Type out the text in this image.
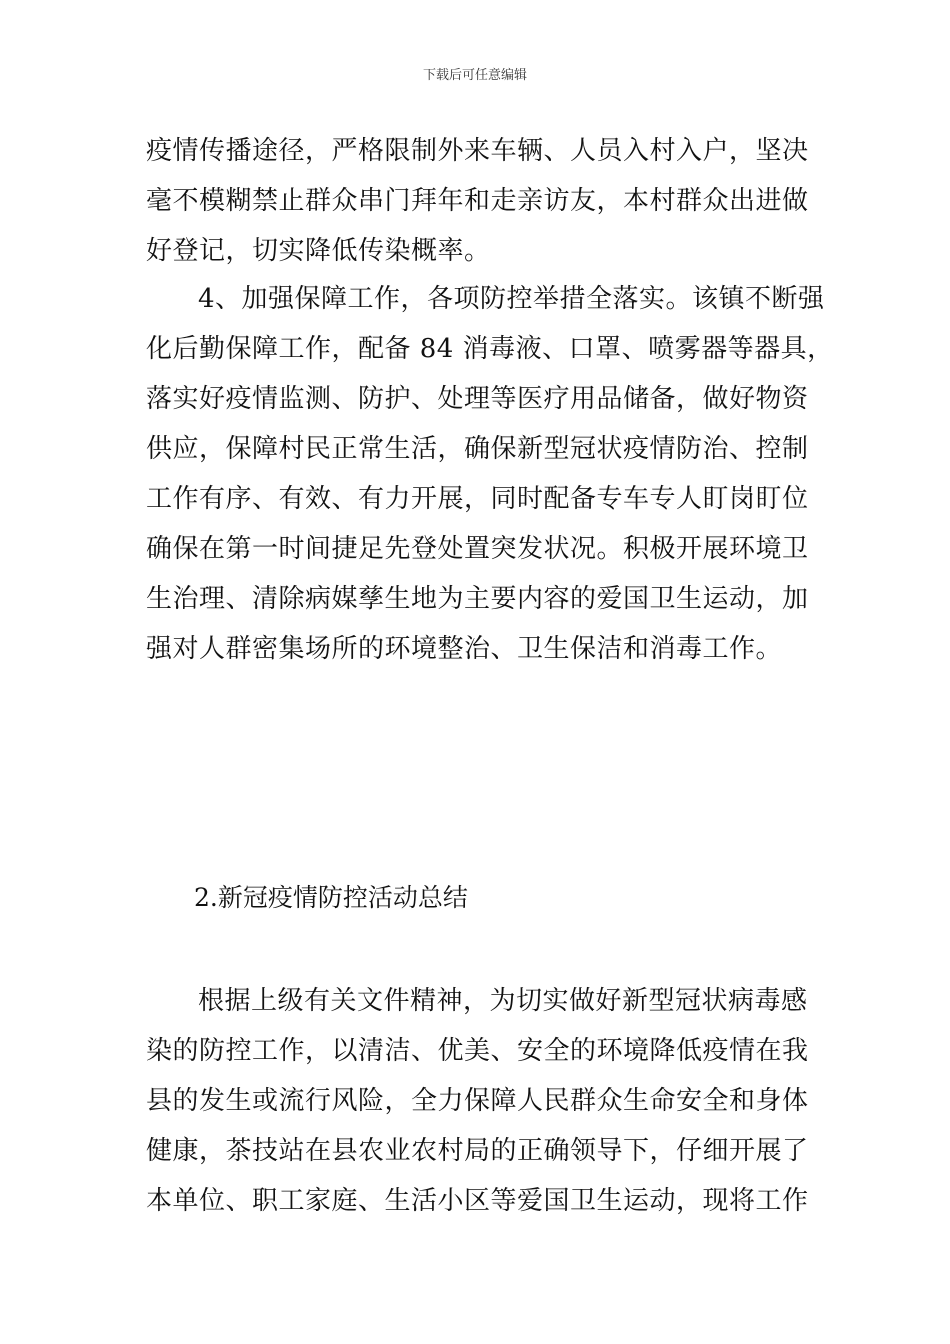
下载后可任意编辑
疫情传播途径，严格限制外来车辆、人员入村入户，坚决
毫不模糊禁止群众串门拜年和走亲访友，本村群众出进做
好登记，切实降低传染概率。
4、加强保障工作，各项防控举措全落实。该镇不断强
化后勤保障工作，配备 84 消毒液、口罩、喷雾器等器具，
落实好疫情监测、防护、处理等医疗用品储备，做好物资
供应，保障村民正常生活，确保新型冠状疫情防治、控制
工作有序、有效、有力开展，同时配备专车专人盯岗盯位
确保在第一时间捷足先登处置突发状况。积极开展环境卫
生治理、清除病媒孳生地为主要内容的爱国卫生运动，加
强对人群密集场所的环境整治、卫生保洁和消毒工作。
2.新冠疫情防控活动总结
根据上级有关文件精神，为切实做好新型冠状病毒感
染的防控工作，以清洁、优美、安全的环境降低疫情在我
县的发生或流行风险，全力保障人民群众生命安全和身体
健康，茶技站在县农业农村局的正确领导下，仔细开展了
本单位、职工家庭、生活小区等爱国卫生运动，现将工作
